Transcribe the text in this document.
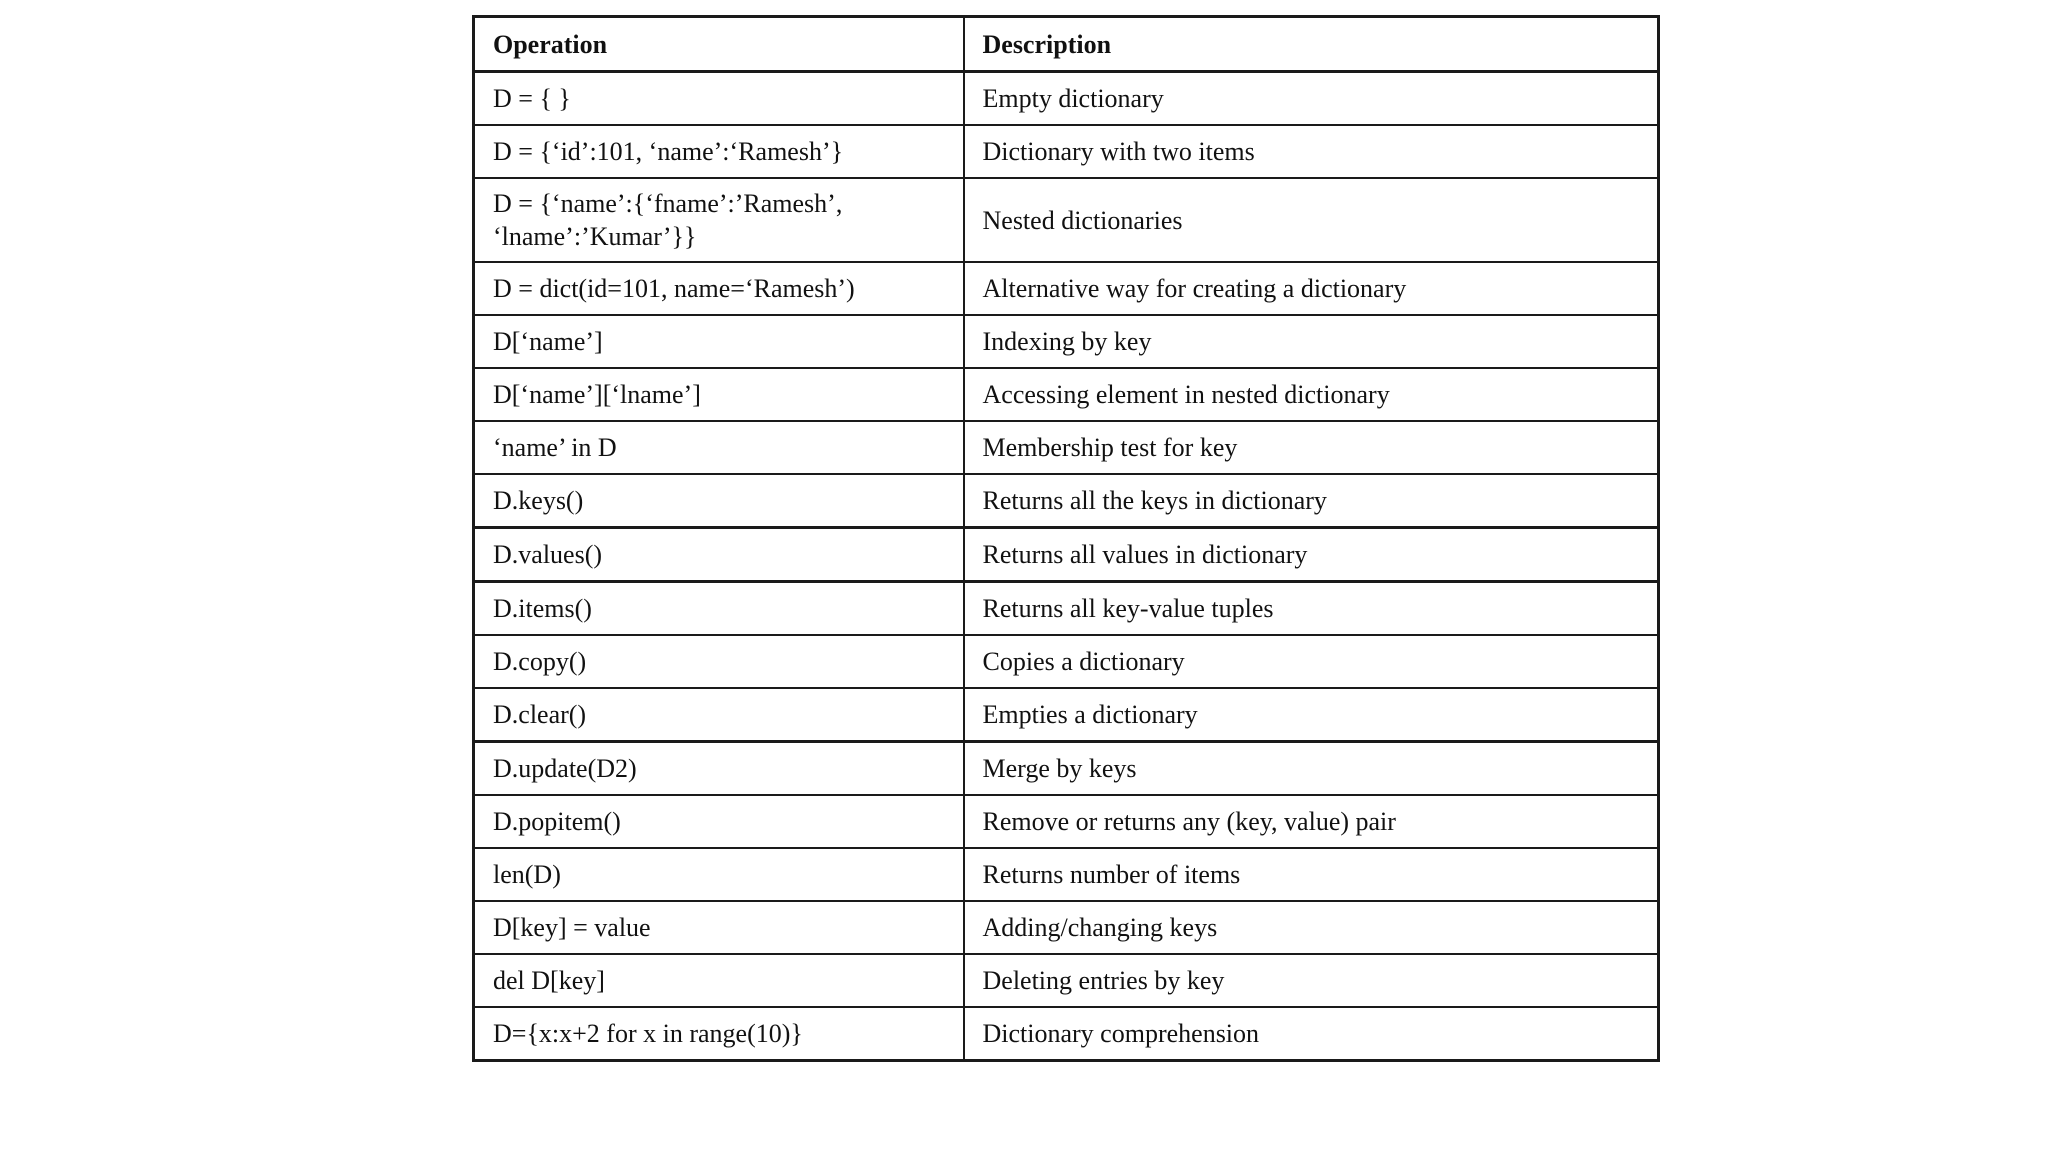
Operation	Description
D = { }	Empty dictionary
D = {‘id’:101, ‘name’:‘Ramesh’}	Dictionary with two items
D = {‘name’:{‘fname’:’Ramesh’, ‘lname’:’Kumar’}}	Nested dictionaries
D = dict(id=101, name=‘Ramesh’)	Alternative way for creating a dictionary
D[‘name’]	Indexing by key
D[‘name’][‘lname’]	Accessing element in nested dictionary
‘name’ in D	Membership test for key
D.keys()	Returns all the keys in dictionary
D.values()	Returns all values in dictionary
D.items()	Returns all key-value tuples
D.copy()	Copies a dictionary
D.clear()	Empties a dictionary
D.update(D2)	Merge by keys
D.popitem()	Remove or returns any (key, value) pair
len(D)	Returns number of items
D[key] = value	Adding/changing keys
del D[key]	Deleting entries by key
D={x:x+2 for x in range(10)}	Dictionary comprehension
